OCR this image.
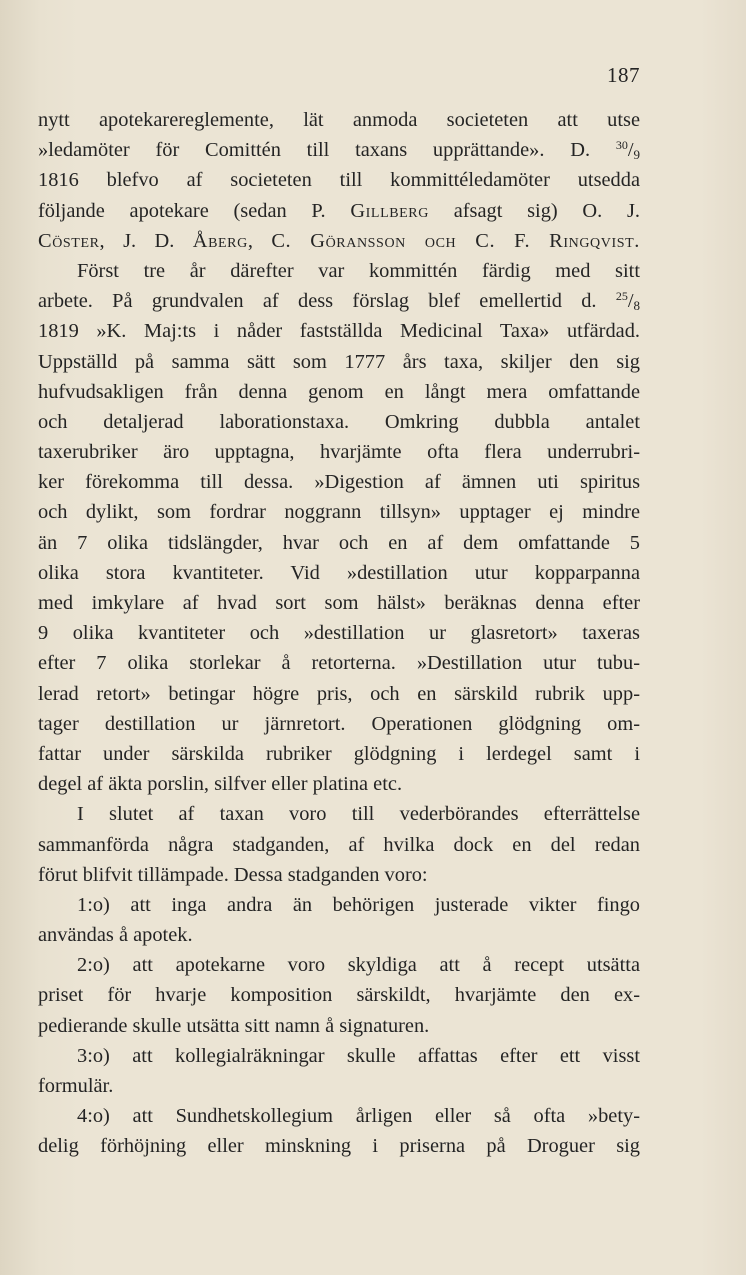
187
nytt apotekarereglemente, lät anmoda societeten att utse
»ledamöter för Comittén till taxans upprättande». D. $^{30}/_9$
1816 blefvo af societeten till kommittéledamöter utsedda
följande apotekare (sedan P. Gillberg afsagt sig) O. J.
Cöster, J. D. Åberg, C. Göransson och C. F. Ringqvist.
Först tre år därefter var kommittén färdig med sitt
arbete. På grundvalen af dess förslag blef emellertid d. $^{25}/_8$
1819 »K. Maj:ts i nåder fastställda Medicinal Taxa» utfärdad.
Uppställd på samma sätt som 1777 års taxa, skiljer den sig
hufvudsakligen från denna genom en långt mera omfattande
och detaljerad laborationstaxa. Omkring dubbla antalet
taxerubriker äro upptagna, hvarjämte ofta flera underrubri-
ker förekomma till dessa. »Digestion af ämnen uti spiritus
och dylikt, som fordrar noggrann tillsyn» upptager ej mindre
än 7 olika tidslängder, hvar och en af dem omfattande 5
olika stora kvantiteter. Vid »destillation utur kopparpanna
med imkylare af hvad sort som hälst» beräknas denna efter
9 olika kvantiteter och »destillation ur glasretort» taxeras
efter 7 olika storlekar å retorterna. »Destillation utur tubu-
lerad retort» betingar högre pris, och en särskild rubrik upp-
tager destillation ur järnretort. Operationen glödgning om-
fattar under särskilda rubriker glödgning i lerdegel samt i
degel af äkta porslin, silfver eller platina etc.
I slutet af taxan voro till vederbörandes efterrättelse
sammanförda några stadganden, af hvilka dock en del redan
förut blifvit tillämpade. Dessa stadganden voro:
1:o) att inga andra än behörigen justerade vikter fingo
användas å apotek.
2:o) att apotekarne voro skyldiga att å recept utsätta
priset för hvarje komposition särskildt, hvarjämte den ex-
pedierande skulle utsätta sitt namn å signaturen.
3:o) att kollegialräkningar skulle affattas efter ett visst
formulär.
4:o) att Sundhetskollegium årligen eller så ofta »bety-
delig förhöjning eller minskning i priserna på Droguer sig
